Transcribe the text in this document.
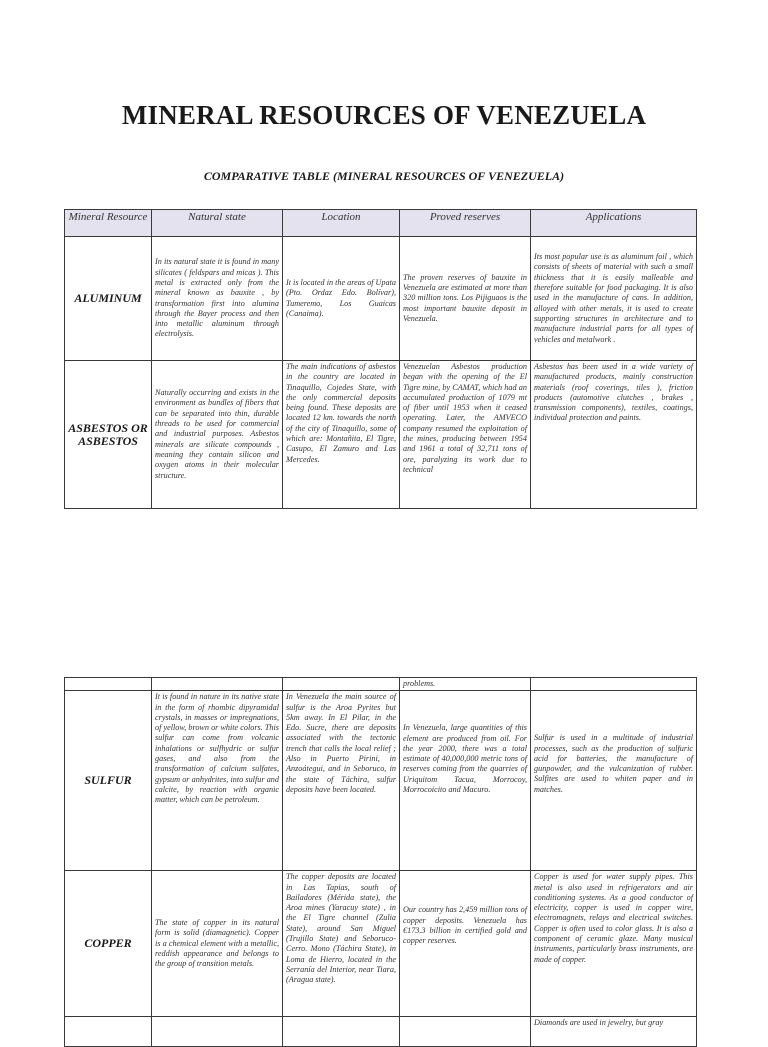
MINERAL RESOURCES OF VENEZUELA
COMPARATIVE TABLE (MINERAL RESOURCES OF VENEZUELA)
Mineral Resource	Natural state	Location	Proved reserves	Applications
ALUMINUM	In its natural state it is found in many silicates ( feldspars and micas ). This metal is extracted only from the mineral known as bauxite , by transformation first into alumina through the Bayer process and then into metallic aluminum through electrolysis.	It is located in the areas of Upata (Pto. Ordaz Edo. Bolívar), Tumeremo, Los Guaicas (Canaima).	The proven reserves of bauxite in Venezuela are estimated at more than 320 million tons. Los Pijiguaos is the most important bauxite deposit in Venezuela.	Its most popular use is as aluminum foil , which consists of sheets of material with such a small thickness that it is easily malleable and therefore suitable for food packaging. It is also used in the manufacture of cans. In addition, alloyed with other metals, it is used to create supporting structures in architecture and to manufacture industrial parts for all types of vehicles and metalwork .
ASBESTOS OR ASBESTOS	Naturally occurring and exists in the environment as bundles of fibers that can be separated into thin, durable threads to be used for commercial and industrial purposes. Asbestos minerals are silicate compounds , meaning they contain silicon and oxygen atoms in their molecular structure.	The main indications of asbestos in the country are located in Tinaquillo, Cojedes State, with the only commercial deposits being found. These deposits are located 12 km. towards the north of the city of Tinaquillo, some of which are: Montañita, El Tigre, Casupo, El Zamuro and Las Mercedes.	Venezuelan Asbestos production began with the opening of the El Tigre mine, by CAMAT, which had an accumulated production of 1079 mt of fiber until 1953 when it ceased operating. Later, the AMVECO company resumed the exploitation of the mines, producing between 1954 and 1961 a total of 32,711 tons of ore, paralyzing its work due to technical	Asbestos has been used in a wide variety of manufactured products, mainly construction materials (roof coverings, tiles ), friction products (automotive clutches , brakes , transmission components), textiles, coatings, individual protection and paints.
			problems.	
SULFUR	It is found in nature in its native state in the form of rhombic dipyramidal crystals, in masses or impregnations, of yellow, brown or white colors. This sulfur can come from volcanic inhalations or sulfhydric or sulfur gases, and also from the transformation of calcium sulfates, gypsum or anhydrites, into sulfur and calcite, by reaction with organic matter, which can be petroleum.	In Venezuela the main source of sulfur is the Aroa Pyrites but 5km away. In El Pilar, in the Edo. Sucre, there are deposits associated with the tectonic trench that calls the local relief ; Also in Puerto Pirini, in Anzoátegui, and in Seboruco, in the state of Táchira, sulfur deposits have been located.	In Venezuela, large quantities of this element are produced from oil. For the year 2000, there was a total estimate of 40,000,000 metric tons of reserves coming from the quarries of Uriquitom Tacua, Morrocoy, Morrocoicito and Macuro.	Sulfur is used in a multitude of industrial processes, such as the production of sulfuric acid for batteries, the manufacture of gunpowder, and the vulcanization of rubber. Sulfites are used to whiten paper and in matches.
COPPER	The state of copper in its natural form is solid (diamagnetic). Copper is a chemical element with a metallic, reddish appearance and belongs to the group of transition metals.	The copper deposits are located in Las Tapias, south of Bailadores (Mérida state), the Aroa mines (Yaracuy state) , in the El Tigre channel (Zulia State), around San Miguel (Trujillo State) and Seboruco-Cerro. Mono (Táchira State), in Loma de Hierro, located in the Serranía del Interior, near Tiara, (Aragua state).	Our country has 2,459 million tons of copper deposits. Venezuela has €173.3 billion in certified gold and copper reserves.	Copper is used for water supply pipes. This metal is also used in refrigerators and air conditioning systems. As a good conductor of electricity, copper is used in copper wire, electromagnets, relays and electrical switches. Copper is often used to color glass. It is also a component of ceramic glaze. Many musical instruments, particularly brass instruments, are made of copper.
				Diamonds are used in jewelry, but gray
